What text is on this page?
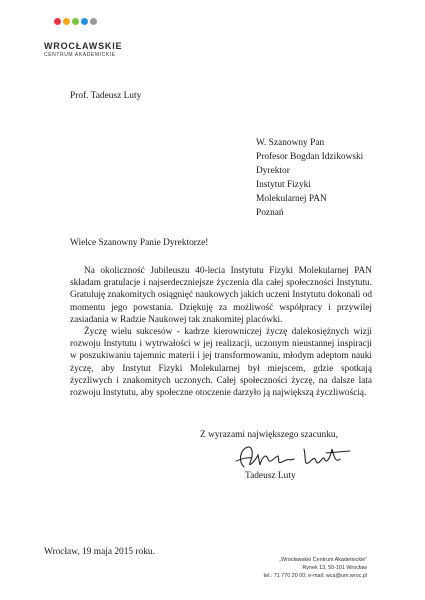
WROCŁAWSKIE
CENTRUM AKADEMICKIE
Prof. Tadeusz Luty
W. Szanowny Pan
Profesor Bogdan Idzikowski
Dyrektor
Instytut Fizyki
Molekularnej PAN
Poznań
Wielce Szanowny Panie Dyrektorze!
Na okoliczność Jubileuszu 40-lecia Instytutu Fizyki Molekularnej PAN składam gratulacje i najserdeczniejsze życzenia dla całej społeczności Instytutu. Gratuluję znakomitych osiągnięć naukowych jakich uczeni Instytutu dokonali od momentu jego powstania. Dziękuję za możliwość współpracy i przywilej zasiadania w Radzie Naukowej tak znakomitej placówki.
Życzę wielu sukcesów - kadrze kierowniczej życzę dalekosiężnych wizji rozwoju Instytutu i wytrwałości w jej realizacji, uczonym nieustannej inspiracji w poszukiwaniu tajemnic materii i jej transformowaniu, młodym adeptom nauki życzę, aby Instytut Fizyki Molekularnej był miejscem, gdzie spotkają życzliwych i znakomitych uczonych. Całej społeczności życzę, na dalsze lata rozwoju Instytutu, aby społeczne otoczenie darzyło ją największą życzliwością.
Z wyrazami największego szacunku,
Tadeusz Luty
Wrocław, 19 maja 2015 roku.
„Wrocławskie Centrum Akademickie”
Rynek 13, 50-101 Wrocław
tel.: 71 770 20 00; e-mail: wca@um.wroc.pl
